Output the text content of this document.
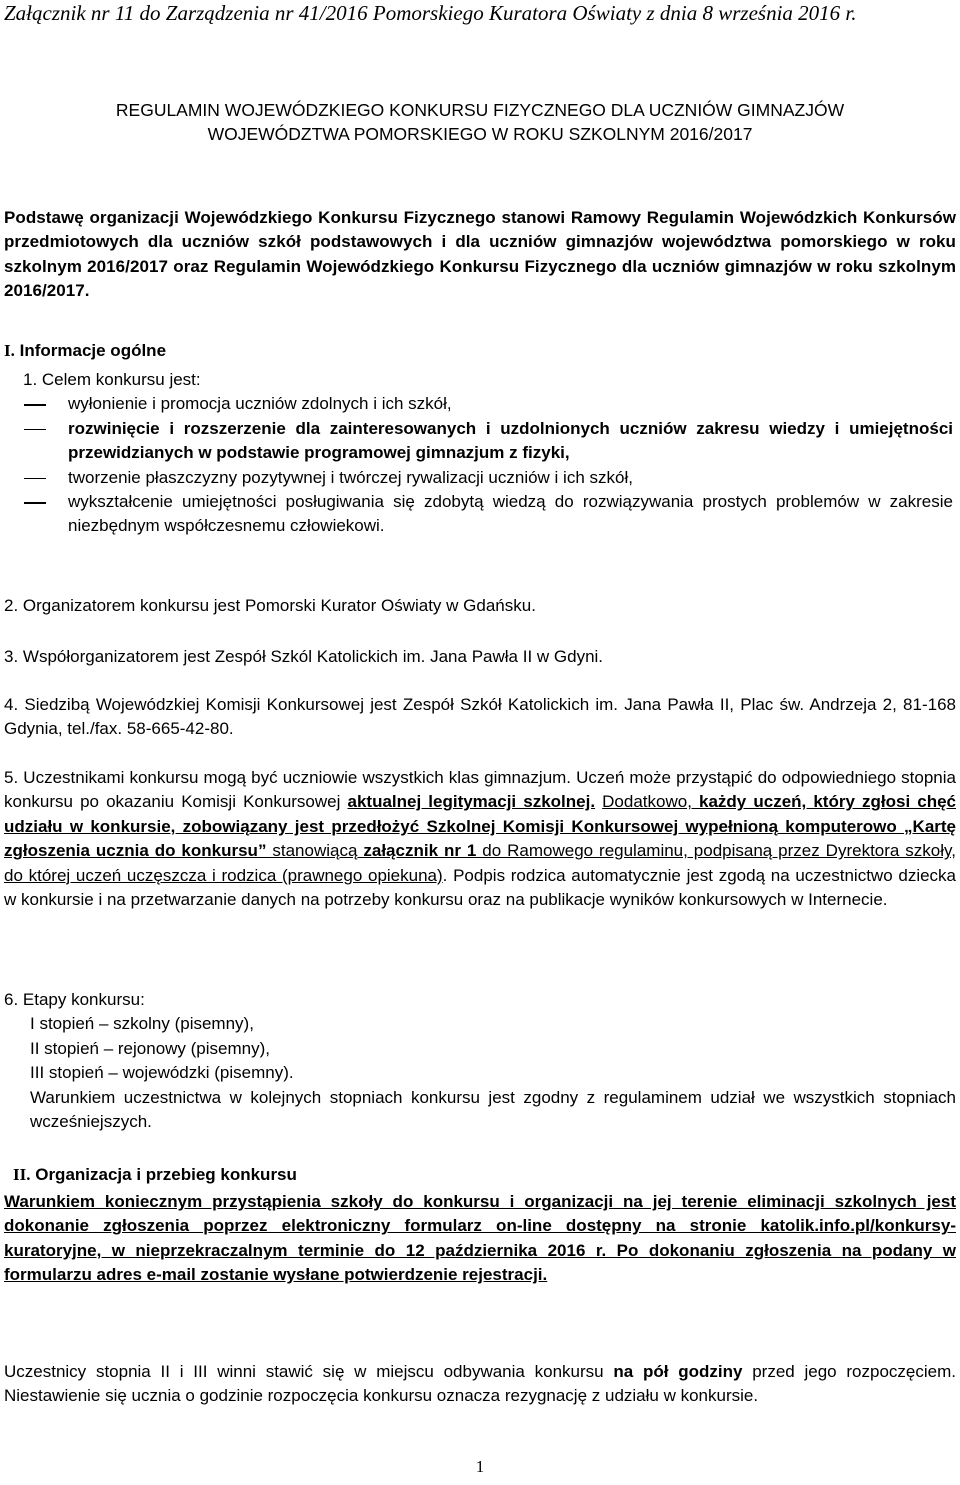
Załącznik nr 11 do Zarządzenia nr 41/2016 Pomorskiego Kuratora Oświaty z dnia 8 września 2016 r.
REGULAMIN WOJEWÓDZKIEGO KONKURSU FIZYCZNEGO DLA UCZNIÓW GIMNAZJÓW
WOJEWÓDZTWA POMORSKIEGO W ROKU SZKOLNYM 2016/2017
Podstawę organizacji Wojewódzkiego Konkursu Fizycznego stanowi Ramowy Regulamin Wojewódzkich Konkursów przedmiotowych dla uczniów szkół podstawowych i dla uczniów gimnazjów województwa pomorskiego w roku szkolnym 2016/2017 oraz Regulamin Wojewódzkiego Konkursu Fizycznego dla uczniów gimnazjów w roku szkolnym 2016/2017.
I. Informacje ogólne
1. Celem konkursu jest:
wyłonienie i promocja uczniów zdolnych i ich szkół,
rozwinięcie i rozszerzenie dla zainteresowanych i uzdolnionych uczniów zakresu wiedzy i umiejętności przewidzianych w podstawie programowej gimnazjum z fizyki,
tworzenie płaszczyzny pozytywnej i twórczej rywalizacji uczniów i ich szkół,
wykształcenie umiejętności posługiwania się zdobytą wiedzą do rozwiązywania prostych problemów w zakresie niezbędnym współczesnemu człowiekowi.
2. Organizatorem konkursu jest Pomorski Kurator Oświaty w Gdańsku.
3. Współorganizatorem jest Zespół Szkól Katolickich im. Jana Pawła II w Gdyni.
4. Siedzibą Wojewódzkiej Komisji Konkursowej jest Zespół Szkół Katolickich im. Jana Pawła II, Plac św. Andrzeja 2, 81-168 Gdynia, tel./fax. 58-665-42-80.
5. Uczestnikami konkursu mogą być uczniowie wszystkich klas gimnazjum. Uczeń może przystąpić do odpowiedniego stopnia konkursu po okazaniu Komisji Konkursowej aktualnej legitymacji szkolnej. Dodatkowo, każdy uczeń, który zgłosi chęć udziału w konkursie, zobowiązany jest przedłożyć Szkolnej Komisji Konkursowej wypełnioną komputerowo „Kartę zgłoszenia ucznia do konkursu” stanowiącą załącznik nr 1 do Ramowego regulaminu, podpisaną przez Dyrektora szkoły, do której uczeń uczęszcza i rodzica (prawnego opiekuna). Podpis rodzica automatycznie jest zgodą na uczestnictwo dziecka w konkursie i na przetwarzanie danych na potrzeby konkursu oraz na publikacje wyników konkursowych w Internecie.
6. Etapy konkursu:
I stopień – szkolny (pisemny),
II stopień – rejonowy (pisemny),
III stopień – wojewódzki (pisemny).
Warunkiem uczestnictwa w kolejnych stopniach konkursu jest zgodny z regulaminem udział we wszystkich stopniach wcześniejszych.
II. Organizacja i przebieg konkursu
Warunkiem koniecznym przystąpienia szkoły do konkursu i organizacji na jej terenie eliminacji szkolnych jest dokonanie zgłoszenia poprzez elektroniczny formularz on-line dostępny na stronie katolik.info.pl/konkursy-kuratoryjne, w nieprzekraczalnym terminie do 12 października 2016 r. Po dokonaniu zgłoszenia na podany w formularzu adres e-mail zostanie wysłane potwierdzenie rejestracji.
Uczestnicy stopnia II i III winni stawić się w miejscu odbywania konkursu na pół godziny przed jego rozpoczęciem. Niestawienie się ucznia o godzinie rozpoczęcia konkursu oznacza rezygnację z udziału w konkursie.
1
